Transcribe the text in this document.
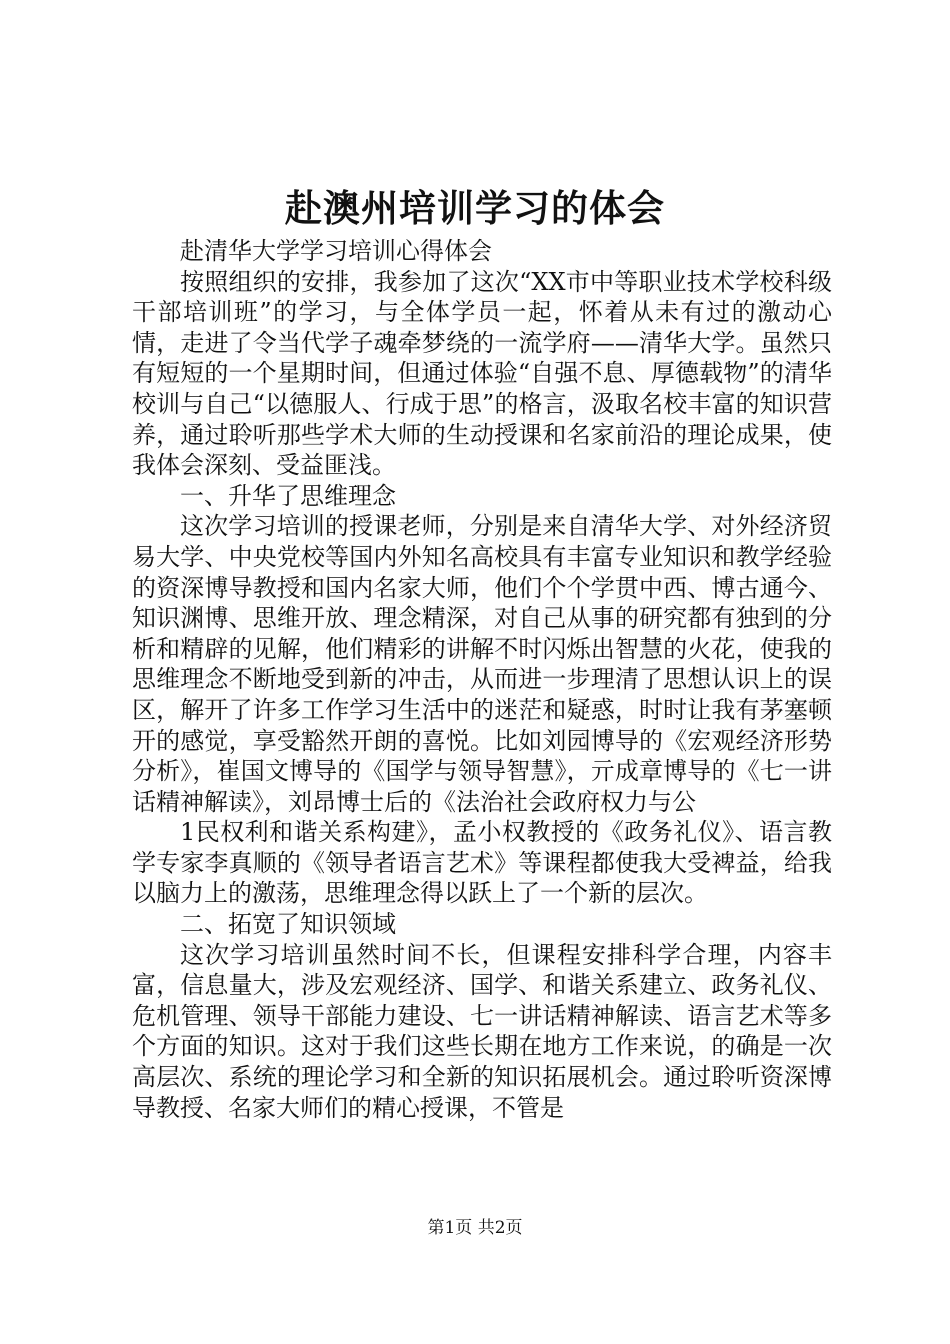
赴澳州培训学习的体会

赴清华大学学习培训心得体会

按照组织的安排，我参加了这次“XX市中等职业技术学校科级干部培训班”的学习，与全体学员一起，怀着从未有过的激动心情，走进了令当代学子魂牵梦绕的一流学府——清华大学。虽然只有短短的一个星期时间，但通过体验“自强不息、厚德载物”的清华校训与自己“以德服人、行成于思”的格言，汲取名校丰富的知识营养，通过聆听那些学术大师的生动授课和名家前沿的理论成果，使我体会深刻、受益匪浅。

一、升华了思维理念

这次学习培训的授课老师，分别是来自清华大学、对外经济贸易大学、中央党校等国内外知名高校具有丰富专业知识和教学经验的资深博导教授和国内名家大师，他们个个学贯中西、博古通今、知识渊博、思维开放、理念精深，对自己从事的研究都有独到的分析和精辟的见解，他们精彩的讲解不时闪烁出智慧的火花，使我的思维理念不断地受到新的冲击，从而进一步理清了思想认识上的误区，解开了许多工作学习生活中的迷茫和疑惑，时时让我有茅塞顿开的感觉，享受豁然开朗的喜悦。比如刘园博导的《宏观经济形势分析》，崔国文博导的《国学与领导智慧》，亓成章博导的《七一讲话精神解读》，刘昂博士后的《法治社会政府权力与公

1民权利和谐关系构建》，孟小权教授的《政务礼仪》、语言教学专家李真顺的《领导者语言艺术》等课程都使我大受裨益，给我以脑力上的激荡，思维理念得以跃上了一个新的层次。

二、拓宽了知识领域

这次学习培训虽然时间不长，但课程安排科学合理，内容丰富，信息量大，涉及宏观经济、国学、和谐关系建立、政务礼仪、危机管理、领导干部能力建设、七一讲话精神解读、语言艺术等多个方面的知识。这对于我们这些长期在地方工作来说，的确是一次高层次、系统的理论学习和全新的知识拓展机会。通过聆听资深博导教授、名家大师们的精心授课，不管是

第1页 共2页
